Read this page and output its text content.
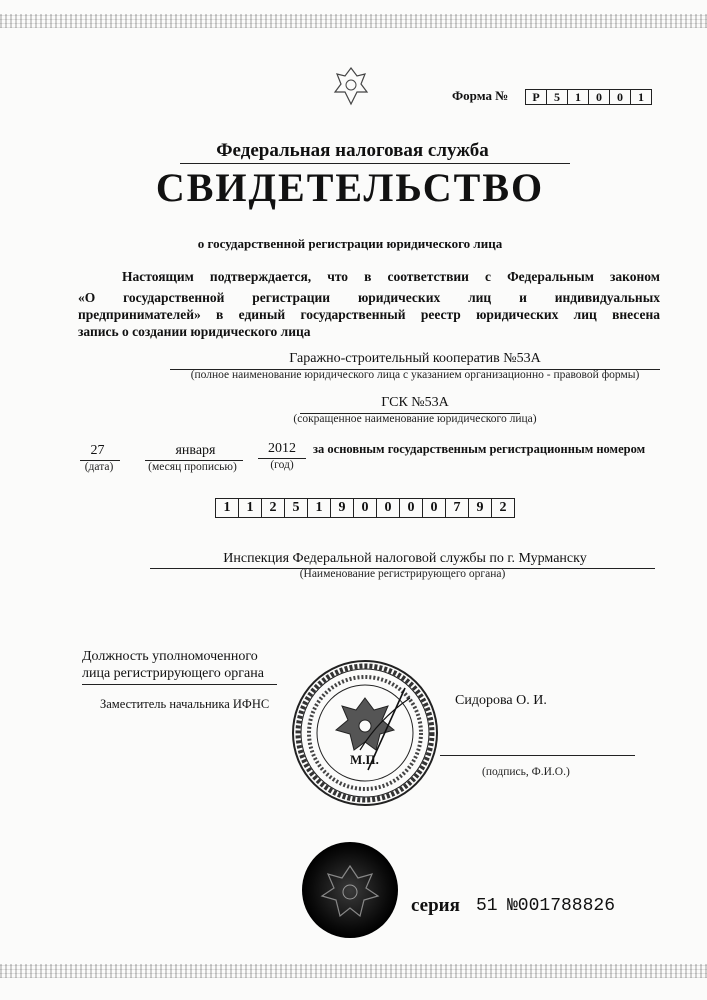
Форма №	Р	5	1	0	0	1
Федеральная налоговая служба
СВИДЕТЕЛЬСТВО
о государственной регистрации юридического лица
Настоящим подтверждается, что в соответствии с Федеральным законом
«О государственной регистрации юридических лиц и индивидуальных
предпринимателей» в единый государственный реестр юридических лиц внесена
запись о создании юридического лица
Гаражно-строительный кооператив №53А
(полное наименование юридического лица с указанием организационно - правовой формы)
ГСК №53А
(сокращенное наименование юридического лица)
27
(дата)
января
(месяц прописью)
2012
(год)
за основным государственным регистрационным номером
1	1	2	5	1	9	0	0	0	0	7	9	2
Инспекция Федеральной налоговой службы по г. Мурманску
(Наименование регистрирующего органа)
Должность уполномоченного
лица регистрирующего органа
Заместитель начальника ИФНС	Сидорова О. И.
(подпись, Ф.И.О.)
М.П.
серия 51 №001788826
